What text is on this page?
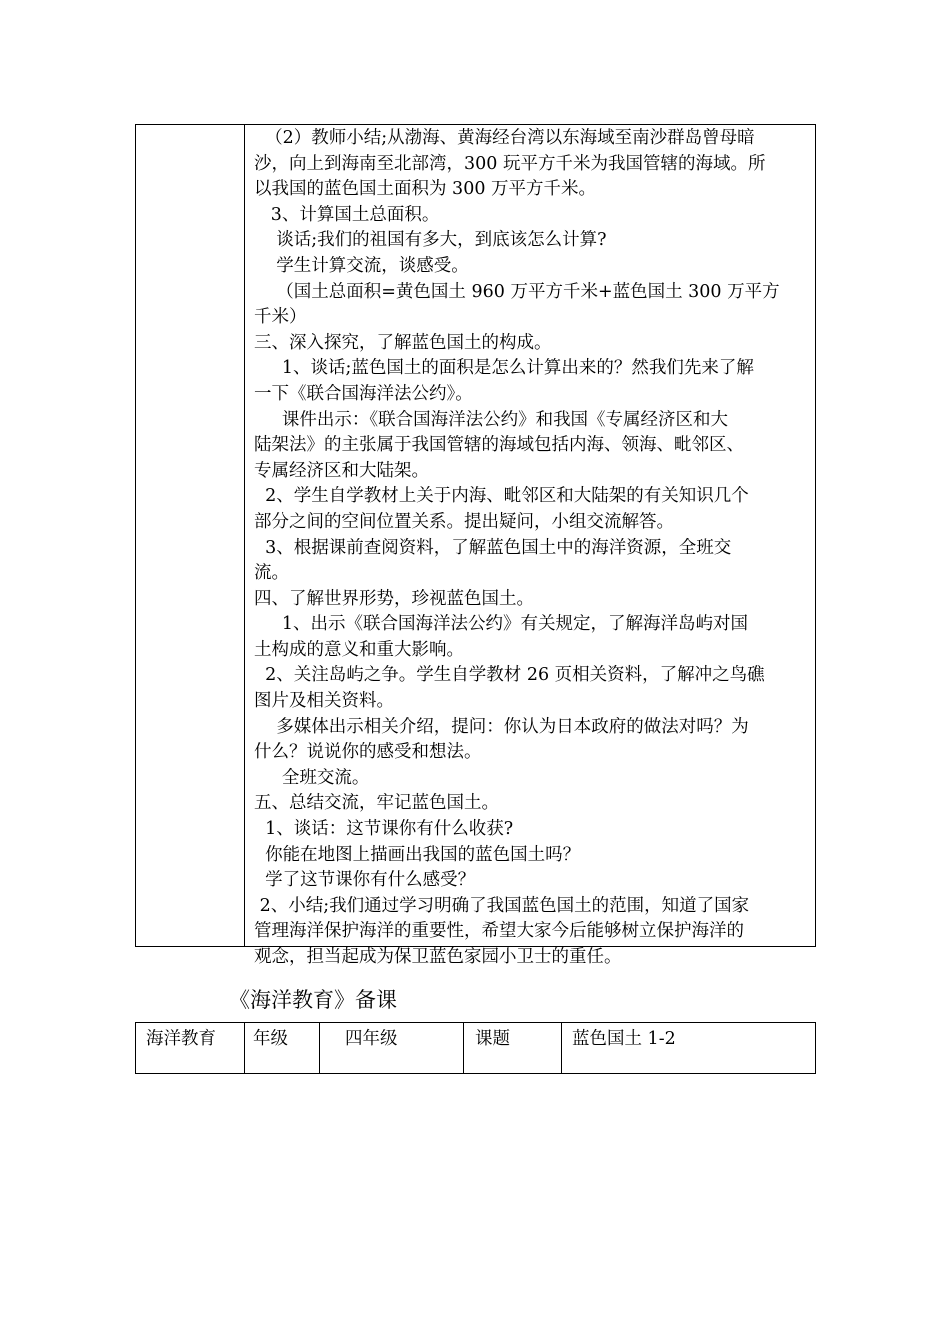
（2）教师小结;从渤海、黄海经台湾以东海域至南沙群岛曾母暗
沙，向上到海南至北部湾，300 玩平方千米为我国管辖的海域。所
以我国的蓝色国土面积为 300 万平方千米。
3、计算国土总面积。
谈话;我们的祖国有多大，到底该怎么计算?
学生计算交流，谈感受。
（国土总面积=黄色国土 960 万平方千米+蓝色国土 300 万平方
千米）
三、深入探究，了解蓝色国土的构成。
1、谈话;蓝色国土的面积是怎么计算出来的？然我们先来了解
一下《联合国海洋法公约》。
课件出示：《联合国海洋法公约》和我国《专属经济区和大
陆架法》的主张属于我国管辖的海域包括内海、领海、毗邻区、
专属经济区和大陆架。
2、学生自学教材上关于内海、毗邻区和大陆架的有关知识几个
部分之间的空间位置关系。提出疑问，小组交流解答。
3、根据课前查阅资料，了解蓝色国土中的海洋资源，全班交
流。
四、了解世界形势，珍视蓝色国土。
1、出示《联合国海洋法公约》有关规定，了解海洋岛屿对国
土构成的意义和重大影响。
2、关注岛屿之争。学生自学教材 26 页相关资料，了解冲之鸟礁
图片及相关资料。
多媒体出示相关介绍，提问：你认为日本政府的做法对吗？为
什么？说说你的感受和想法。
全班交流。
五、总结交流，牢记蓝色国土。
1、谈话：这节课你有什么收获?
你能在地图上描画出我国的蓝色国土吗？
学了这节课你有什么感受？
2、小结;我们通过学习明确了我国蓝色国土的范围，知道了国家
管理海洋保护海洋的重要性，希望大家今后能够树立保护海洋的
观念，担当起成为保卫蓝色家园小卫士的重任。
《海洋教育》备课
海洋教育	年级	四年级	课题	蓝色国土 1-2
